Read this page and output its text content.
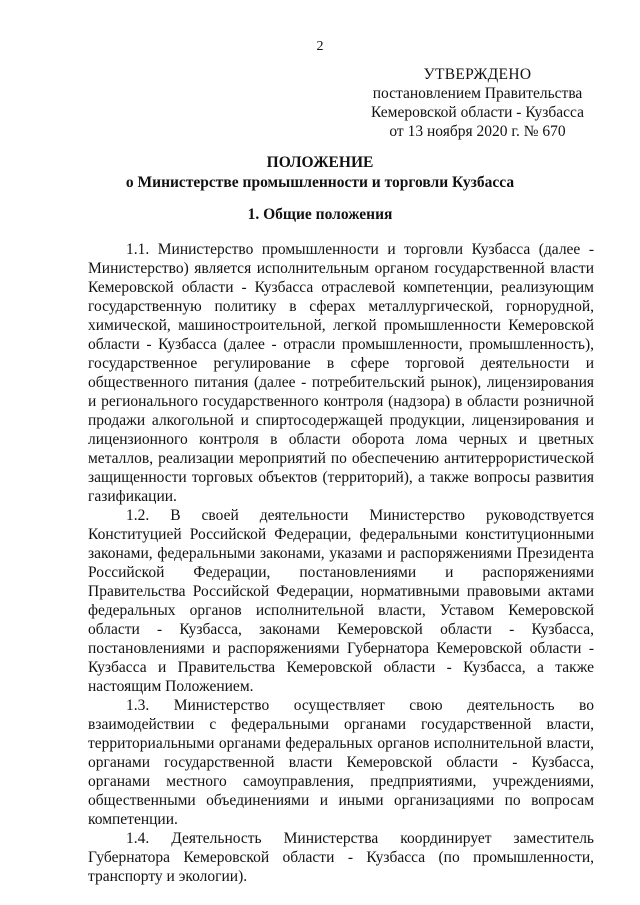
2
УТВЕРЖДЕНО
постановлением Правительства
Кемеровской области - Кузбасса
от 13 ноября 2020 г. № 670
ПОЛОЖЕНИЕ
о Министерстве промышленности и торговли Кузбасса
1. Общие положения

1.1. Министерство промышленности и торговли Кузбасса (далее - Министерство) является исполнительным органом государственной власти Кемеровской области - Кузбасса отраслевой компетенции, реализующим государственную политику в сферах металлургической, горнорудной, химической, машиностроительной, легкой промышленности Кемеровской области - Кузбасса (далее - отрасли промышленности, промышленность), государственное регулирование в сфере торговой деятельности и общественного питания (далее - потребительский рынок), лицензирования и регионального государственного контроля (надзора) в области розничной продажи алкогольной и спиртосодержащей продукции, лицензирования и лицензионного контроля в области оборота лома черных и цветных металлов, реализации мероприятий по обеспечению антитеррористической защищенности торговых объектов (территорий), а также вопросы развития газификации.

1.2. В своей деятельности Министерство руководствуется Конституцией Российской Федерации, федеральными конституционными законами, федеральными законами, указами и распоряжениями Президента Российской Федерации, постановлениями и распоряжениями Правительства Российской Федерации, нормативными правовыми актами федеральных органов исполнительной власти, Уставом Кемеровской области - Кузбасса, законами Кемеровской области - Кузбасса, постановлениями и распоряжениями Губернатора Кемеровской области - Кузбасса и Правительства Кемеровской области - Кузбасса, а также настоящим Положением.

1.3. Министерство осуществляет свою деятельность во взаимодействии с федеральными органами государственной власти, территориальными органами федеральных органов исполнительной власти, органами государственной власти Кемеровской области - Кузбасса, органами местного самоуправления, предприятиями, учреждениями, общественными объединениями и иными организациями по вопросам компетенции.

1.4. Деятельность Министерства координирует заместитель Губернатора Кемеровской области - Кузбасса (по промышленности, транспорту и экологии).
